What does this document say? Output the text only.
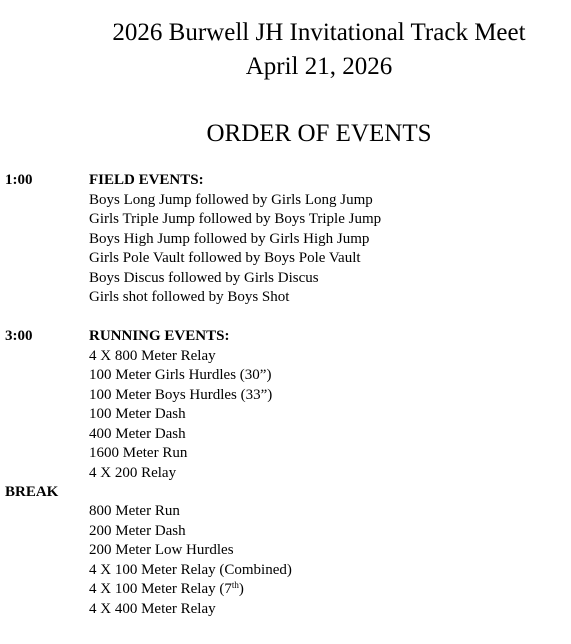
2026 Burwell JH Invitational Track Meet
April 21, 2026
ORDER OF EVENTS
1:00	FIELD EVENTS:
Boys Long Jump followed by Girls Long Jump
Girls Triple Jump followed by Boys Triple Jump
Boys High Jump followed by Girls High Jump
Girls Pole Vault followed by Boys Pole Vault
Boys Discus followed by Girls Discus
Girls shot followed by Boys Shot
3:00	RUNNING EVENTS:
4 X 800 Meter Relay
100 Meter Girls Hurdles (30”)
100 Meter Boys Hurdles (33”)
100 Meter Dash
400 Meter Dash
1600 Meter Run
4 X 200 Relay
BREAK
800 Meter Run
200 Meter Dash
200 Meter Low Hurdles
4 X 100 Meter Relay (Combined)
4 X 100 Meter Relay (7th)
4 X 400 Meter Relay
